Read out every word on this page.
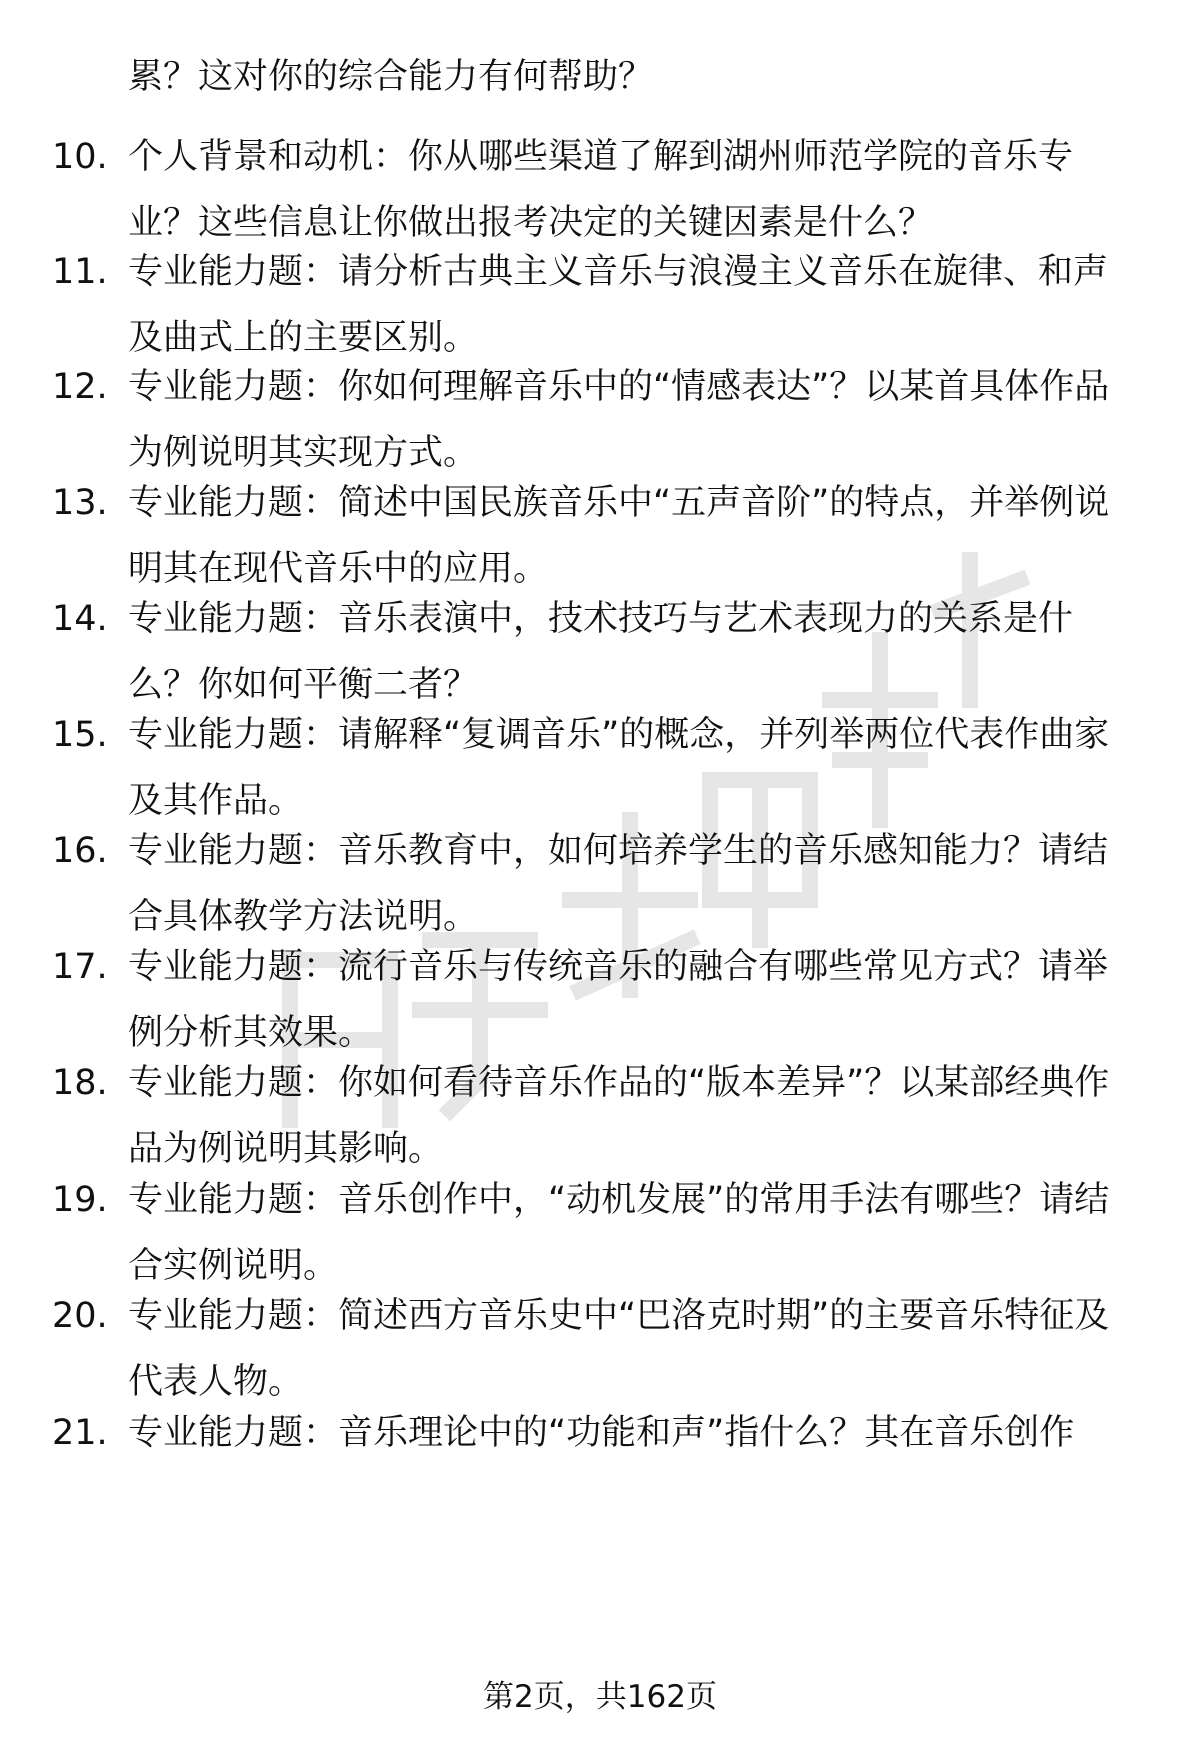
累？这对你的综合能力有何帮助？

10. 个人背景和动机：你从哪些渠道了解到湖州师范学院的音乐专业？这些信息让你做出报考决定的关键因素是什么？

11. 专业能力题：请分析古典主义音乐与浪漫主义音乐在旋律、和声及曲式上的主要区别。

12. 专业能力题：你如何理解音乐中的“情感表达”？以某首具体作品为例说明其实现方式。

13. 专业能力题：简述中国民族音乐中“五声音阶”的特点，并举例说明其在现代音乐中的应用。

14. 专业能力题：音乐表演中，技术技巧与艺术表现力的关系是什么？你如何平衡二者？

15. 专业能力题：请解释“复调音乐”的概念，并列举两位代表作曲家及其作品。

16. 专业能力题：音乐教育中，如何培养学生的音乐感知能力？请结合具体教学方法说明。

17. 专业能力题：流行音乐与传统音乐的融合有哪些常见方式？请举例分析其效果。

18. 专业能力题：你如何看待音乐作品的“版本差异”？以某部经典作品为例说明其影响。

19. 专业能力题：音乐创作中，“动机发展”的常用手法有哪些？请结合实例说明。

20. 专业能力题：简述西方音乐史中“巴洛克时期”的主要音乐特征及代表人物。

21. 专业能力题：音乐理论中的“功能和声”指什么？其在音乐创作

第2页，共162页
